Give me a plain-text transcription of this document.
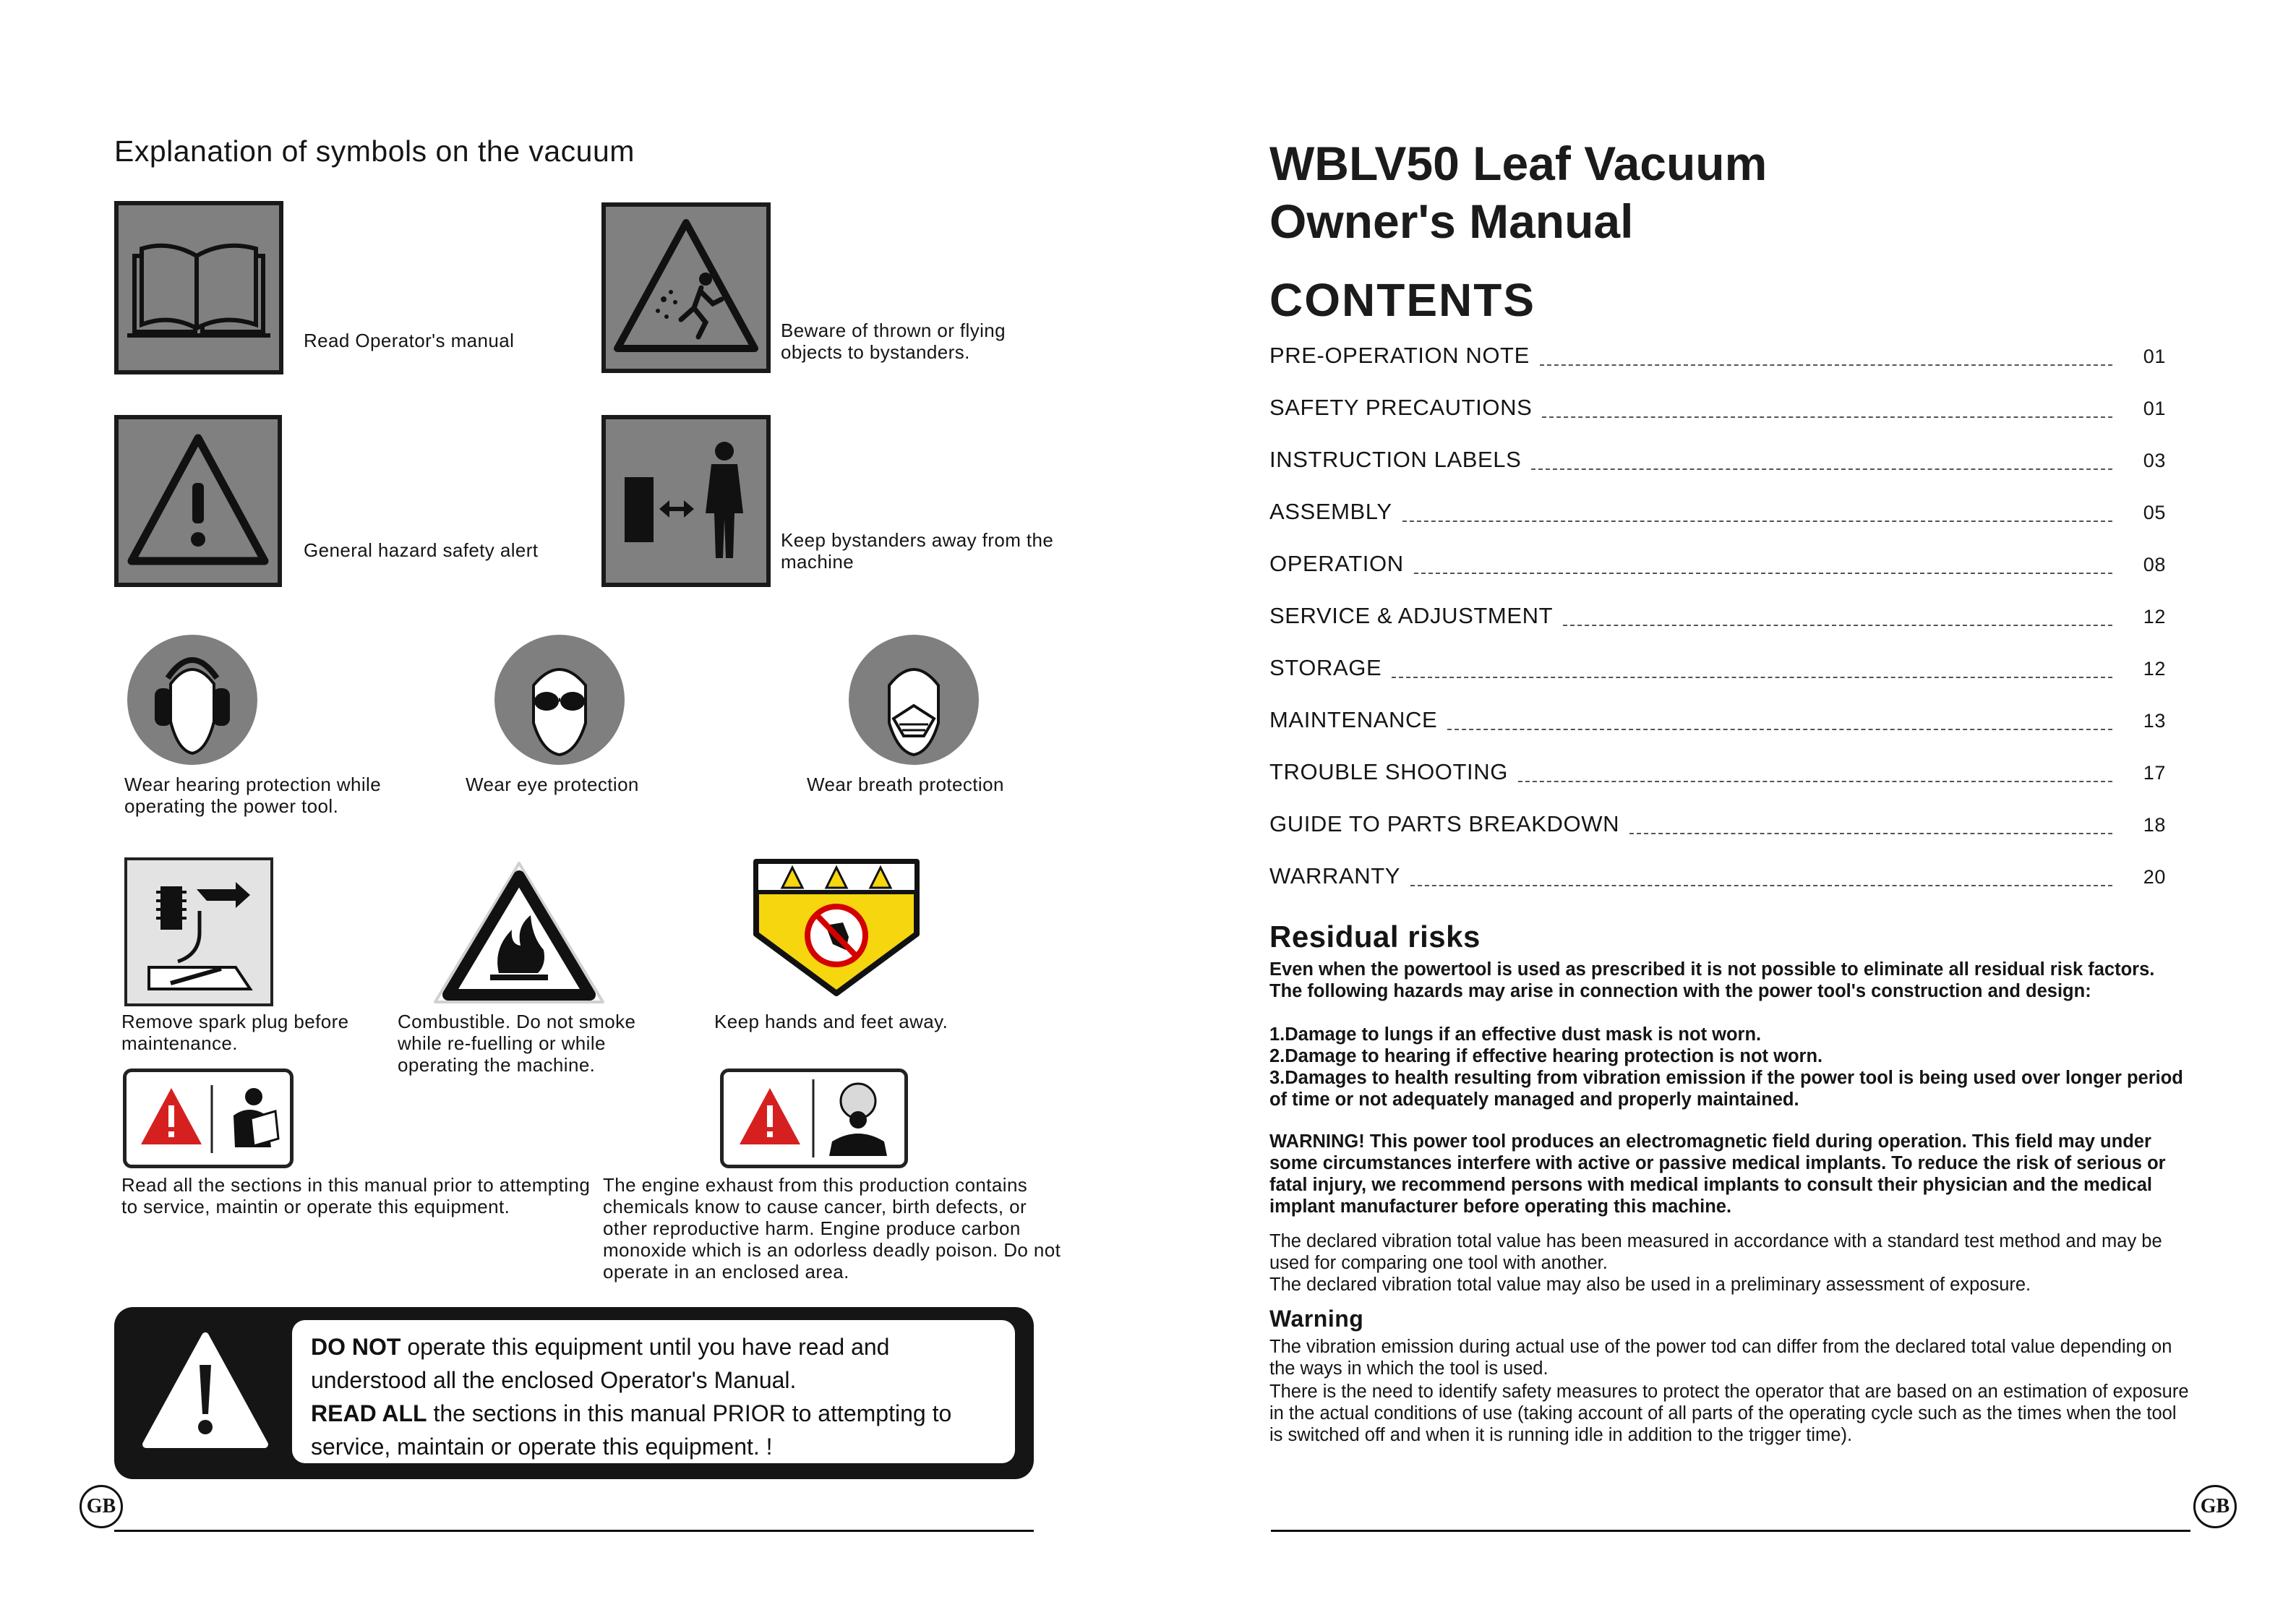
Explanation of symbols on the vacuum
Read Operator's manual	Beware of thrown or flying objects to bystanders.
General hazard safety alert	Keep bystanders away from the machine
Wear hearing protection while operating the power tool.
Wear eye protection	Wear breath protection
Remove spark plug before maintenance.
Combustible. Do not smoke while re-fuelling or while operating the machine.
Keep hands and feet away.
Read all the sections in this manual prior to attempting to service, maintin or operate this equipment.
The engine exhaust from this production contains chemicals know to cause cancer, birth defects, or other reproductive harm. Engine produce carbon monoxide which is an odorless deadly poison. Do not operate in an enclosed area.
DO NOT operate this equipment until you have read and understood all the enclosed Operator's Manual.
READ ALL the sections in this manual PRIOR to attempting to service, maintain or operate this equipment. !
GB
WBLV50 Leaf Vacuum
Owner's Manual
CONTENTS
PRE-OPERATION NOTE	01
SAFETY PRECAUTIONS	01
INSTRUCTION LABELS	03
ASSEMBLY	05
OPERATION	08
SERVICE & ADJUSTMENT	12
STORAGE	12
MAINTENANCE	13
TROUBLE SHOOTING	17
GUIDE TO PARTS BREAKDOWN	18
WARRANTY	20
Residual risks
Even when the powertool is used as prescribed it is not possible to eliminate all residual risk factors. The following hazards may arise in connection with the power tool's construction and design:
1.Damage to lungs if an effective dust mask is not worn.
2.Damage to hearing if effective hearing protection is not worn.
3.Damages to health resulting from vibration emission if the power tool is being used over longer period of time or not adequately managed and properly maintained.
WARNING! This power tool produces an electromagnetic field during operation. This field may under some circumstances interfere with active or passive medical implants. To reduce the risk of serious or fatal injury, we recommend persons with medical implants to consult their physician and the medical implant manufacturer before operating this machine.
The declared vibration total value has been measured in accordance with a standard test method and may be used for comparing one tool with another.
The declared vibration total value may also be used in a preliminary assessment of exposure.
Warning
The vibration emission during actual use of the power tod can differ from the declared total value depending on the ways in which the tool is used.
There is the need to identify safety measures to protect the operator that are based on an estimation of exposure in the actual conditions of use (taking account of all parts of the operating cycle such as the times when the tool is switched off and when it is running idle in addition to the trigger time).
GB
